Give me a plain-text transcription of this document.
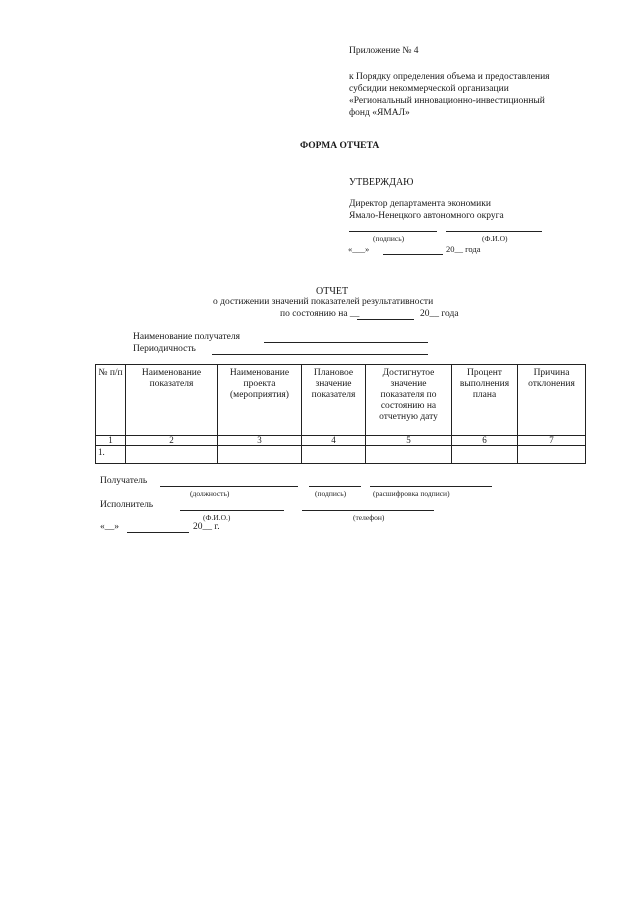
Приложение № 4
к Порядку определения объема и предоставления
субсидии некоммерческой организации
«Региональный инновационно-инвестиционный
фонд «ЯМАЛ»
ФОРМА ОТЧЕТА
УТВЕРЖДАЮ
Директор департамента экономики
Ямало-Ненецкого автономного округа
(подпись)	(Ф.И.О)
«___»	20__ года
ОТЧЕТ
о достижении значений показателей результативности
по состоянию на __	20__ года
Наименование получателя
Периодичность
№ п/п	Наименование показателя	Наименование проекта (мероприятия)	Плановое значение показателя	Достигнутое значение показателя по состоянию на отчетную дату	Процент выполнения плана	Причина отклонения
1	2	3	4	5	6	7
1.						
Получатель
(должность)	(подпись)	(расшифровка подписи)
Исполнитель
(Ф.И.О.)	(телефон)
«__»	20__ г.
